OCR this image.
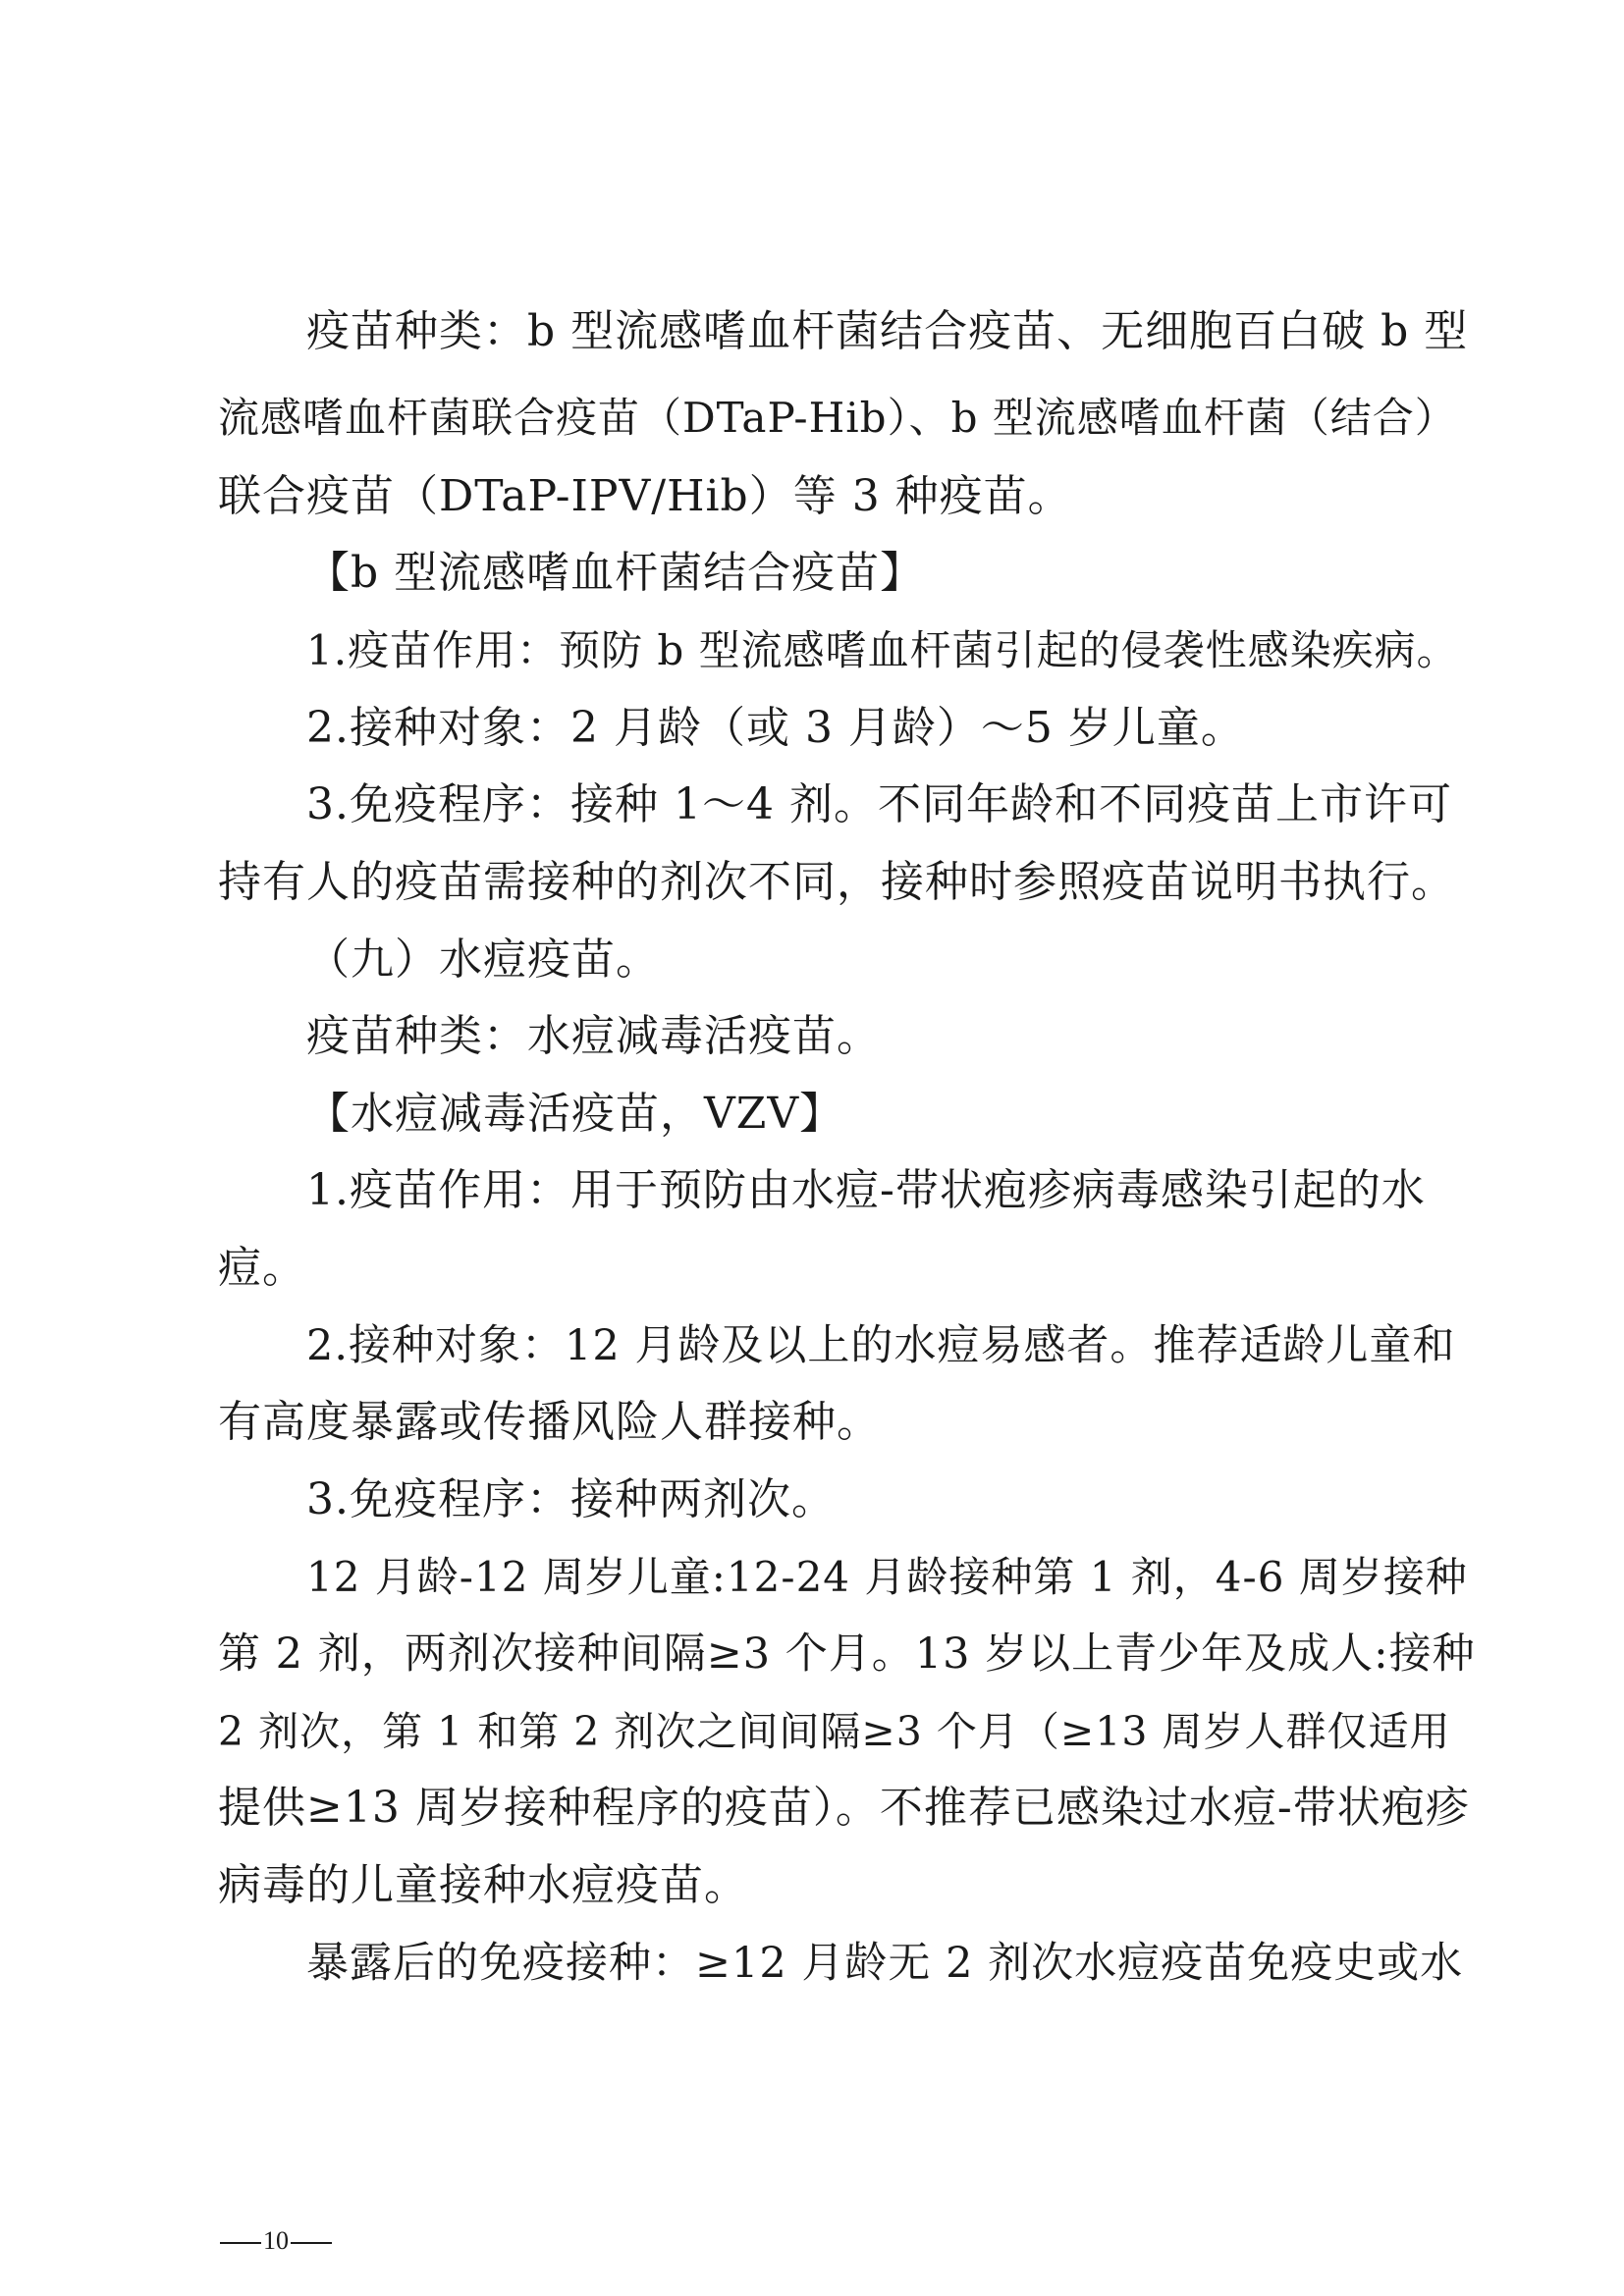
疫苗种类：b 型流感嗜血杆菌结合疫苗、无细胞百白破 b 型
流感嗜血杆菌联合疫苗（DTaP-Hib）、b 型流感嗜血杆菌（结合）
联合疫苗（DTaP-IPV/Hib）等 3 种疫苗。
【b 型流感嗜血杆菌结合疫苗】
1.疫苗作用：预防 b 型流感嗜血杆菌引起的侵袭性感染疾病。
2.接种对象：2 月龄（或 3 月龄）～5 岁儿童。
3.免疫程序：接种 1～4 剂。不同年龄和不同疫苗上市许可
持有人的疫苗需接种的剂次不同，接种时参照疫苗说明书执行。
（九）水痘疫苗。
疫苗种类：水痘减毒活疫苗。
【水痘减毒活疫苗，VZV】
1.疫苗作用：用于预防由水痘-带状疱疹病毒感染引起的水
痘。
2.接种对象：12 月龄及以上的水痘易感者。推荐适龄儿童和
有高度暴露或传播风险人群接种。
3.免疫程序：接种两剂次。
12 月龄-12 周岁儿童:12-24 月龄接种第 1 剂，4-6 周岁接种
第 2 剂，两剂次接种间隔≥3 个月。13 岁以上青少年及成人:接种
2 剂次，第 1 和第 2 剂次之间间隔≥3 个月（≥13 周岁人群仅适用
提供≥13 周岁接种程序的疫苗）。不推荐已感染过水痘-带状疱疹
病毒的儿童接种水痘疫苗。
暴露后的免疫接种：≥12 月龄无 2 剂次水痘疫苗免疫史或水
10
